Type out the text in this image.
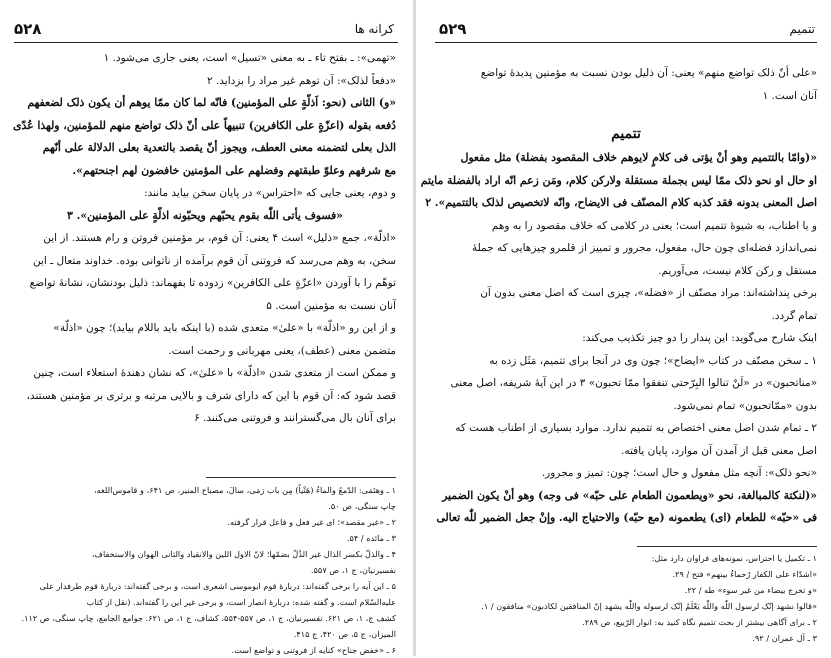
کرانه ها
۵۲۸
«تهمی»: ـ بفتح تاء ـ به معنی «تسیل» است، یعنی جاری می‌شود. ۱
«دفعاً لذلک»: آن توهم غیر مراد را بزداید. ۲
«و) الثانی (نحو: اَذلّةٍ علی المؤمنین) فانّه لما کان ممّا یوهم أن یکون ذلک لضعفهم
دُفعه بقوله (اعزّةٍ علی الکافرین) تنبیهاً علی أنّ ذلک تواضع منهم للمؤمنین، ولهذا عُدّی
الذل بعلی لتضمنه معنی العطف، ویجوز أنّ یقصد بالتعدیة بعلی الدلالة علی أنّهم
مع شرفهم وعلوّ طبقتهم وفضلهم علی المؤمنین خافضون لهم اجنحتهم».
و دوم، یعنی جایی که «احتراس» در پایان سخن بیاید مانند:
«فسوف یأتی اللّٰه بقوم یحبّهم ویحبّونه اذلّةٍ علی المؤمنین». ۳
«اذلّة»، جمع «ذلیل» است ۴ یعنی: آن قوم، بر مؤمنین فروتن و رام هستند. از این
سخن، به وهم می‌رسد که فروتنی آن قوم برآمده از ناتوانی بوده. خداوند متعال ـ این
توهّم را با آوردن «اعزّةٍ علی الکافرین» زدوده تا بفهماند: ذلیل بودنشان، نشانهٔ تواضع
آنان نسبت به مؤمنین است. ۵
و از این رو «اذلّة» با «علیٰ» متعدی شده (با اینکه باید باللام بیاید)؛ چون «اذلّة»
متضمن معنی (عطف)، یعنی مهربانی و رحمت است.
و ممکن است از متعدی شدن «اذلّة» با «علیٰ»، که نشان دهندهٔ استعلاء است، چنین
قصد شود که: آن قوم با این که دارای شرف و بالایی مرتبه و برتری بر مؤمنین هستند،
برای آنان بال می‌گسترانند و فروتنی می‌کنند. ۶
۱ ـ وهتَمَی: الدّمعُ والماءُ (هَتْیاً) مِن باب رَمَی، سالَ، مصباح المنیر، ص ۶۴۱، و قاموس‌اللغه،
چاپ سنگی، ص ۵۰.
۲ ـ «غیر مقصد»؛ ای غیر فعل و فاعل قرار گرفته.
۳ ـ مائده / ۵۴.
۴ ـ والذلّ بکسر الذال غیر الذُلّ بضمّها؛ لانّ الاول اللین والانقیاد والثانی الهوان والاستخفاف،
نفسیرنیان، ج ۱، ص ۵۵۷.
۵ ـ این آیه را برخی گفته‌اند: دربارهٔ قوم ابوموسی اشعری است، و برخی گفته‌اند: دربارهٔ قوم طرفدار علی
علیه‌السّلام است. و گفته شده: دربارهٔ انصار است، و برخی غیر این را گفته‌اند. (نقل از کتاب
کشف ج، ۱، ص ۶۲۱. تفسیرنیان، ج ۱، ص ۵۵۷-۵۵۴، کشاف، ج ۱، ص ۶۲۱. جوامع الجامع، چاپ سنگی، ص ۱۱۲.
المیزان، ج ۵، ص ۴۲۰، ج ۴۱۵.
۶ ـ «خفض جناح» کنایه از فروتنی و تواضع است.
تتمیم
۵۲۹
«علی أنّ ذلک تواضع منهم» یعنی: آن ذلیل بودن نسبت به مؤمنین پدیدهٔ تواضع
آنان است. ۱
تتمیم
«(وامّا بالتتمیم وهو أنْ یؤتی فی کلامٍ لایوهم خلاف المقصود بفضلة) مثل مفعول
او حال او نحو ذلک ممّا لیس بجملة مستقلة ولارکن کلام، ومَن زعم انّه اراد بالفضلة مایتم
اصل المعنی بدونه فقد کذبه کلام المصنّف فی الایضاح، وانّه لاتخصیص لذلک بالتتمیم». ۲
و یا اطناب، به شیوهٔ تتمیم است؛ یعنی در کلامی که خلاف مقصود را به وهم
نمی‌اندازد فضله‌ای چون حال، مفعول، مجرور و تمییز از قلمرو چیزهایی که جملهٔ
مستقل و رکن کلام نیست، می‌آوریم.
برخی پنداشته‌اند: مراد مصنّف از «فضله»، چیزی است که اصل معنی بدون آن
تمام گردد.
اینک شارح می‌گوید: این پندار را دو چیز تکذیب می‌کند:
۱ ـ سخن مصنّف در کتاب «ایضاح»؛ چون وی در آنجا برای تتمیم، مَثَل زده به
«مناتحبون» در «لَنْ تنالوا البِرّحتی تنفقوا ممّا تحبون» ۳ در این آیهٔ شریفه، اصل معنی
بدون «ممّاتحبون» تمام نمی‌شود.
۲ ـ تمام شدن اصل معنی اختصاص به تتمیم ندارد. موارد بسیاری از اطناب هست که
اصل معنی قبل از آمدن آن موارد، پایان یافته.
«نحو ذلک»: آنچه مثل مفعول و حال است؛ چون: تمیز و مجرور.
«(لنکتة کالمبالغة، نحو «ویطعمون الطعام علی حبّه» فی وجه) وهو أنْ یکون الضمیر
فی «حبّه» للطعام (ای) یطعمونه (مع حبّه) والاحتیاج الیه. وإنْ جعل الضمیر للّٰه تعالی
۱ ـ تکمیل یا احتراس، نمونه‌های فراوان دارد مثل:
«اشدّاء علی الکفار رُحماءُ بینهم» فتح / ۲۹.
«و تخرج بیضاء من غیر سوء» طه / ۲۲.
«قالوا نشهد إنّک لرسول اللّٰه واللّٰه یَعْلَمُ إنّک لرسوله واللّٰه یشهد إنّ المنافقین لکاذبون» منافقون / ۱.
۲ ـ برای آگاهی بیشتر از بحث تتمیم نگاه کنید به: انوار الرّبیع، ص ۲۸۹.
۳ ـ آل عمران / ۹۲.
